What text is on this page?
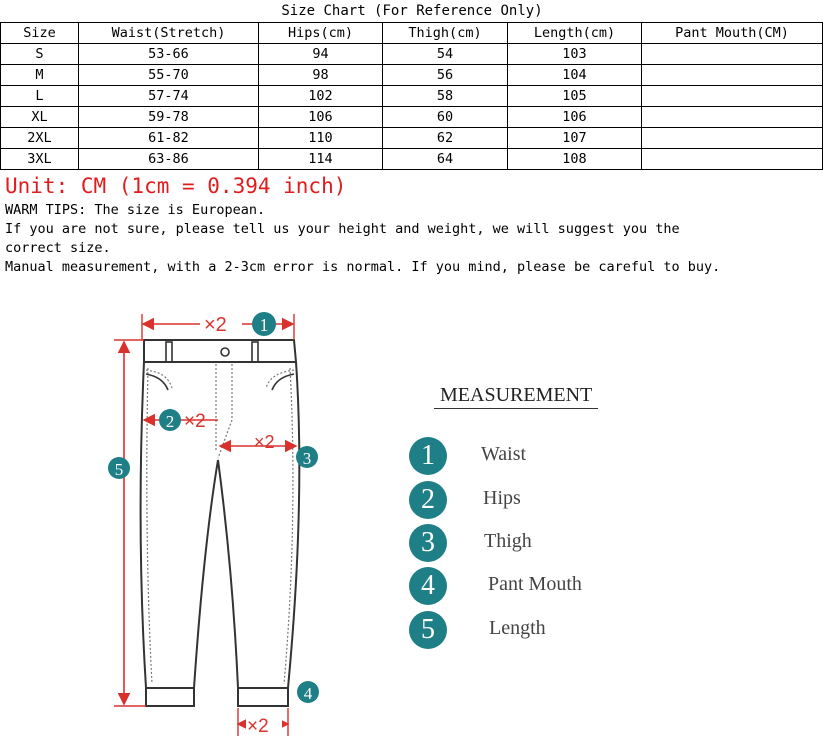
Size Chart (For Reference Only)
Size	Waist(Stretch)	Hips(cm)	Thigh(cm)	Length(cm)	Pant Mouth(CM)
S	53-66	94	54	103	
M	55-70	98	56	104	
L	57-74	102	58	105	
XL	59-78	106	60	106	
2XL	61-82	110	62	107	
3XL	63-86	114	64	108	
Unit: CM (1cm = 0.394 inch)
WARM TIPS: The size is European.
If you are not sure, please tell us your height and weight, we will suggest you the
correct size.
Manual measurement, with a 2-3cm error is normal. If you mind, please be careful to buy.
×2 1
2 ×2
×2
3
5
×2
4
MEASUREMENT
1	Waist
2	Hips
3	Thigh
4	Pant Mouth
5	Length
